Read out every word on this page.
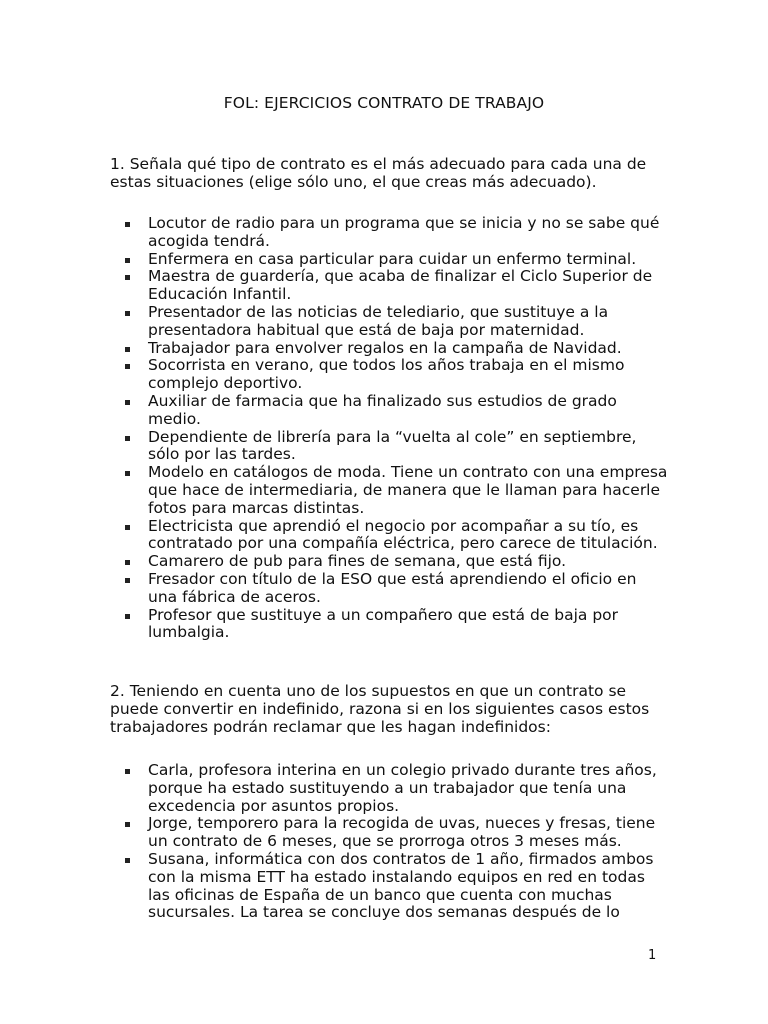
FOL: EJERCICIOS CONTRATO DE TRABAJO
1. Señala qué tipo de contrato es el más adecuado para cada una de estas situaciones (elige sólo uno, el que creas más adecuado).
Locutor de radio para un programa que se inicia y no se sabe qué acogida tendrá.
Enfermera en casa particular para cuidar un enfermo terminal.
Maestra de guardería, que acaba de finalizar el Ciclo Superior de Educación Infantil.
Presentador de las noticias de telediario, que sustituye a la presentadora habitual que está de baja por maternidad.
Trabajador para envolver regalos en la campaña de Navidad.
Socorrista en verano, que todos los años trabaja en el mismo complejo deportivo.
Auxiliar de farmacia que ha finalizado sus estudios de grado medio.
Dependiente de librería para la “vuelta al cole” en septiembre, sólo por las tardes.
Modelo en catálogos de moda. Tiene un contrato con una empresa que hace de intermediaria, de manera que le llaman para hacerle fotos para marcas distintas.
Electricista que aprendió el negocio por acompañar a su tío, es contratado por una compañía eléctrica, pero carece de titulación.
Camarero de pub para fines de semana, que está fijo.
Fresador con título de la ESO que está aprendiendo el oficio en una fábrica de aceros.
Profesor que sustituye a un compañero que está de baja por lumbalgia.
2. Teniendo en cuenta uno de los supuestos en que un contrato se puede convertir en indefinido, razona si en los siguientes casos estos trabajadores podrán reclamar que les hagan indefinidos:
Carla, profesora interina en un colegio privado durante tres años, porque ha estado sustituyendo a un trabajador que tenía una excedencia por asuntos propios.
Jorge, temporero para la recogida de uvas, nueces y fresas, tiene un contrato de 6 meses, que se prorroga otros 3 meses más.
Susana, informática con dos contratos de 1 año, firmados ambos con la misma ETT ha estado instalando equipos en red en todas las oficinas de España de un banco que cuenta con muchas sucursales. La tarea se concluye dos semanas después de lo
1
